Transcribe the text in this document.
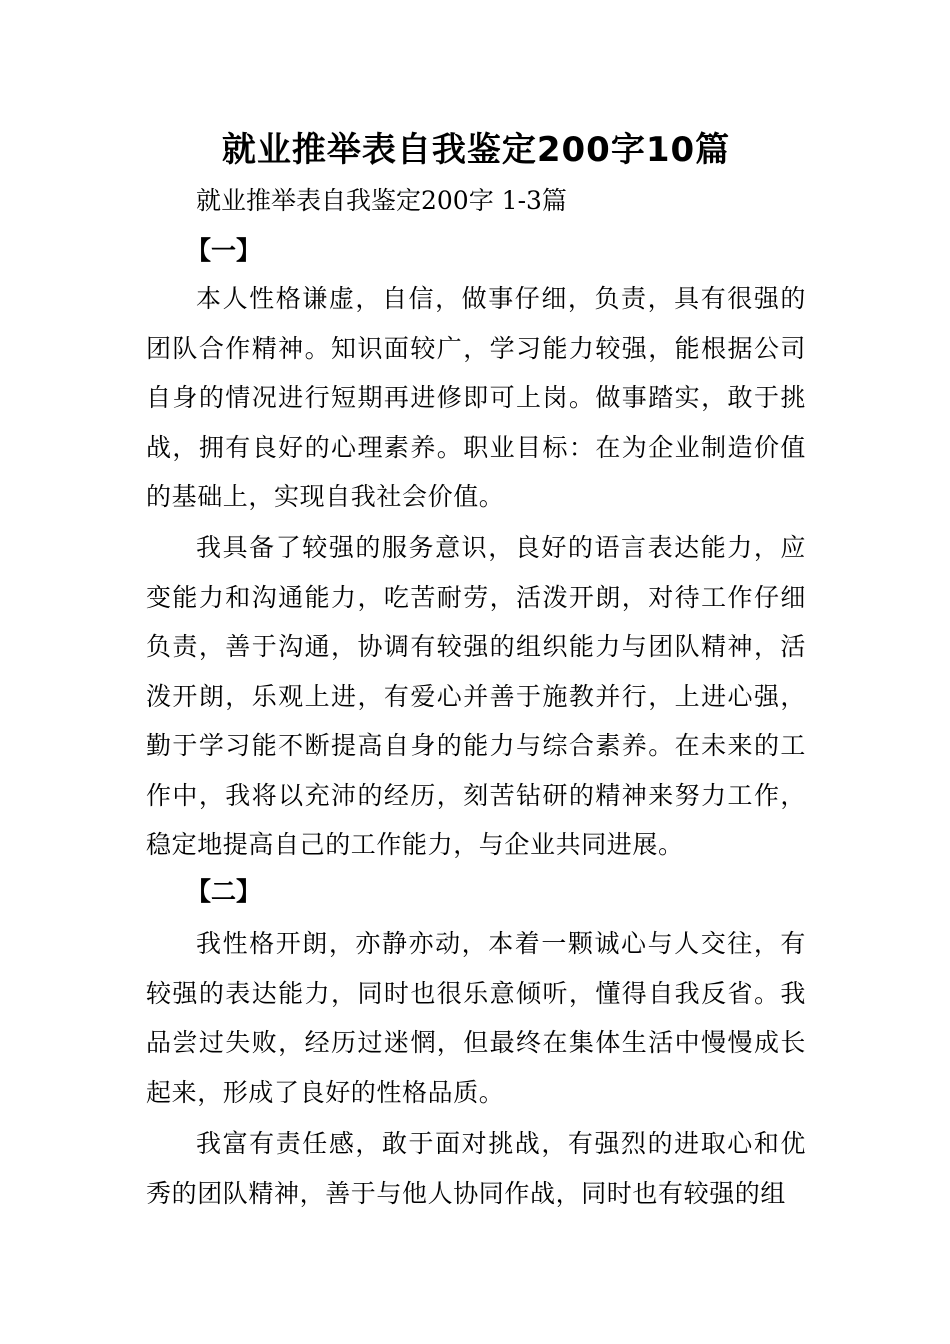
就业推举表自我鉴定200字10篇

就业推举表自我鉴定200字 1-3篇

【一】

本人性格谦虚，自信，做事仔细，负责，具有很强的团队合作精神。知识面较广，学习能力较强，能根据公司自身的情况进行短期再进修即可上岗。做事踏实，敢于挑战，拥有良好的心理素养。职业目标：在为企业制造价值的基础上，实现自我社会价值。

我具备了较强的服务意识，良好的语言表达能力，应变能力和沟通能力，吃苦耐劳，活泼开朗，对待工作仔细负责，善于沟通，协调有较强的组织能力与团队精神，活泼开朗，乐观上进，有爱心并善于施教并行，上进心强，勤于学习能不断提高自身的能力与综合素养。在未来的工作中，我将以充沛的经历，刻苦钻研的精神来努力工作，稳定地提高自己的工作能力，与企业共同进展。

【二】

我性格开朗，亦静亦动，本着一颗诚心与人交往，有较强的表达能力，同时也很乐意倾听，懂得自我反省。我品尝过失败，经历过迷惘，但最终在集体生活中慢慢成长起来，形成了良好的性格品质。

我富有责任感，敢于面对挑战，有强烈的进取心和优秀的团队精神，善于与他人协同作战，同时也有较强的组
